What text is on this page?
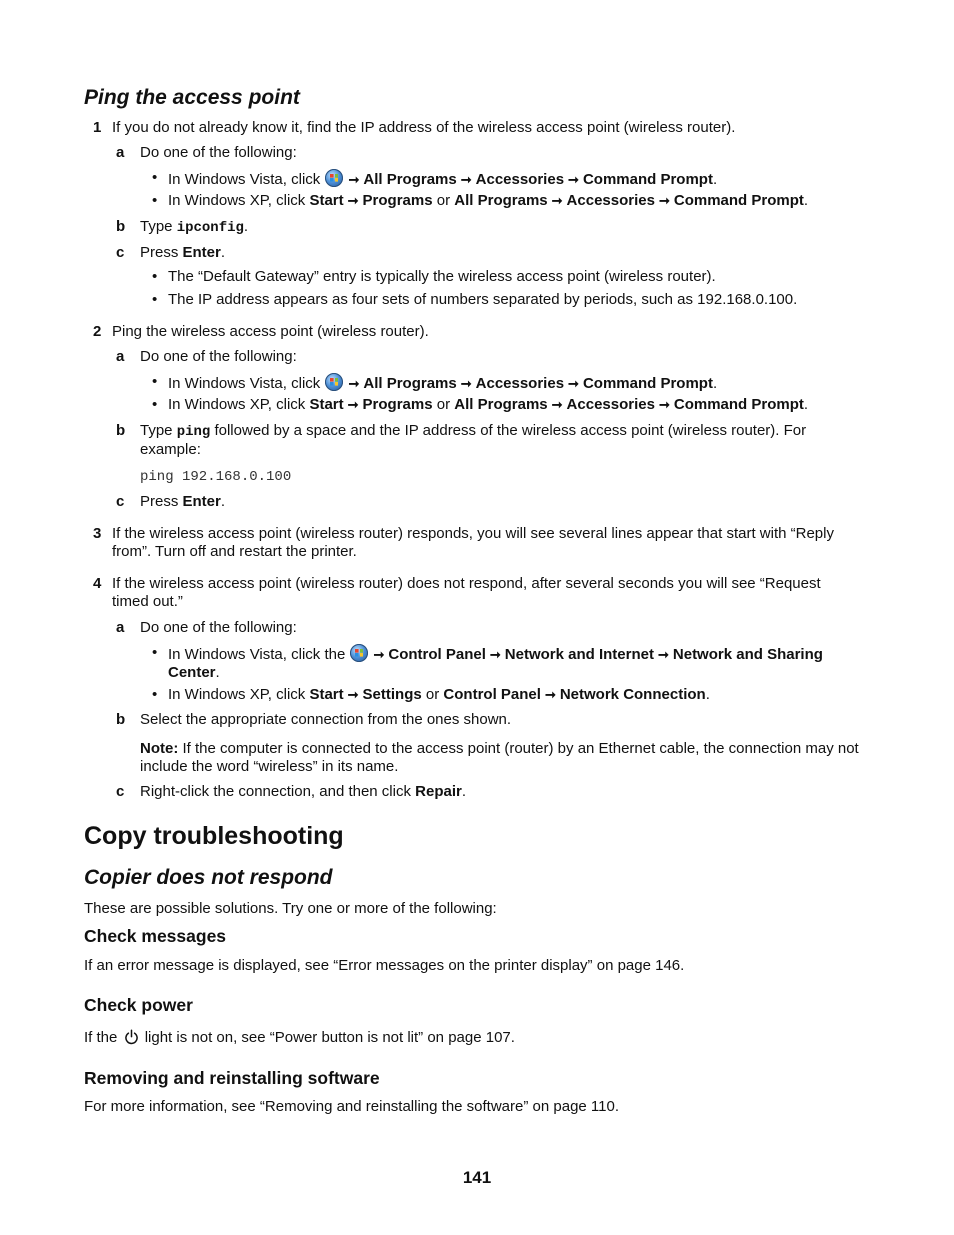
Ping the access point
1 If you do not already know it, find the IP address of the wireless access point (wireless router).
a Do one of the following:
• In Windows Vista, click ➞ All Programs ➞ Accessories ➞ Command Prompt.
• In Windows XP, click Start ➞ Programs or All Programs ➞ Accessories ➞ Command Prompt.
b Type ipconfig.
c Press Enter.
• The “Default Gateway” entry is typically the wireless access point (wireless router).
• The IP address appears as four sets of numbers separated by periods, such as 192.168.0.100.
2 Ping the wireless access point (wireless router).
a Do one of the following:
• In Windows Vista, click ➞ All Programs ➞ Accessories ➞ Command Prompt.
• In Windows XP, click Start ➞ Programs or All Programs ➞ Accessories ➞ Command Prompt.
b Type ping followed by a space and the IP address of the wireless access point (wireless router). For example:
ping 192.168.0.100
c Press Enter.
3 If the wireless access point (wireless router) responds, you will see several lines appear that start with “Reply from”. Turn off and restart the printer.
4 If the wireless access point (wireless router) does not respond, after several seconds you will see “Request timed out.”
a Do one of the following:
• In Windows Vista, click the ➞ Control Panel ➞ Network and Internet ➞ Network and Sharing Center.
• In Windows XP, click Start ➞ Settings or Control Panel ➞ Network Connection.
b Select the appropriate connection from the ones shown.
Note: If the computer is connected to the access point (router) by an Ethernet cable, the connection may not include the word “wireless” in its name.
c Right-click the connection, and then click Repair.
Copy troubleshooting
Copier does not respond
These are possible solutions. Try one or more of the following:
Check messages
If an error message is displayed, see “Error messages on the printer display” on page 146.
Check power
If the  light is not on, see “Power button is not lit” on page 107.
Removing and reinstalling software
For more information, see “Removing and reinstalling the software” on page 110.
141
